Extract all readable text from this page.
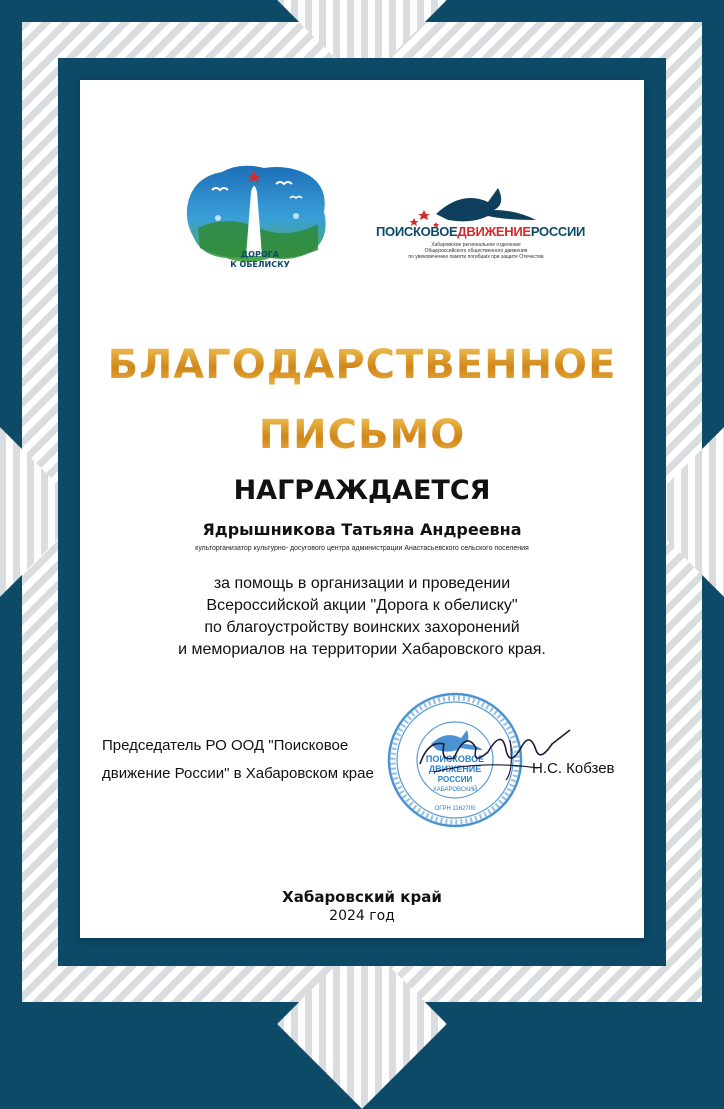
ДОРОГА
К ОБЕЛИСКУ
ПОИСКОВОЕДВИЖЕНИЕРОССИИ
Хабаровское региональное отделение
Общероссийского общественного движения
по увековечению памяти погибших при защите Отечества
БЛАГОДАРСТВЕННОЕ
ПИСЬМО
НАГРАЖДАЕТСЯ
Ядрышникова Татьяна Андреевна
культорганизатор культурно- досугового центра администрации Анастасьевского сельского поселения
за помощь в организации и проведении
Всероссийской акции "Дорога к обелиску"
по благоустройству воинских захоронений
и мемориалов на территории Хабаровского края.
Председатель РО ООД "Поисковое
движение России" в Хабаровском крае
ПОИСКОВОЕ
ДВИЖЕНИЕ
РОССИИ
ХАБАРОВСКИЙ
ОГРН 1162700
Н.С. Кобзев
Хабаровский край
2024 год
